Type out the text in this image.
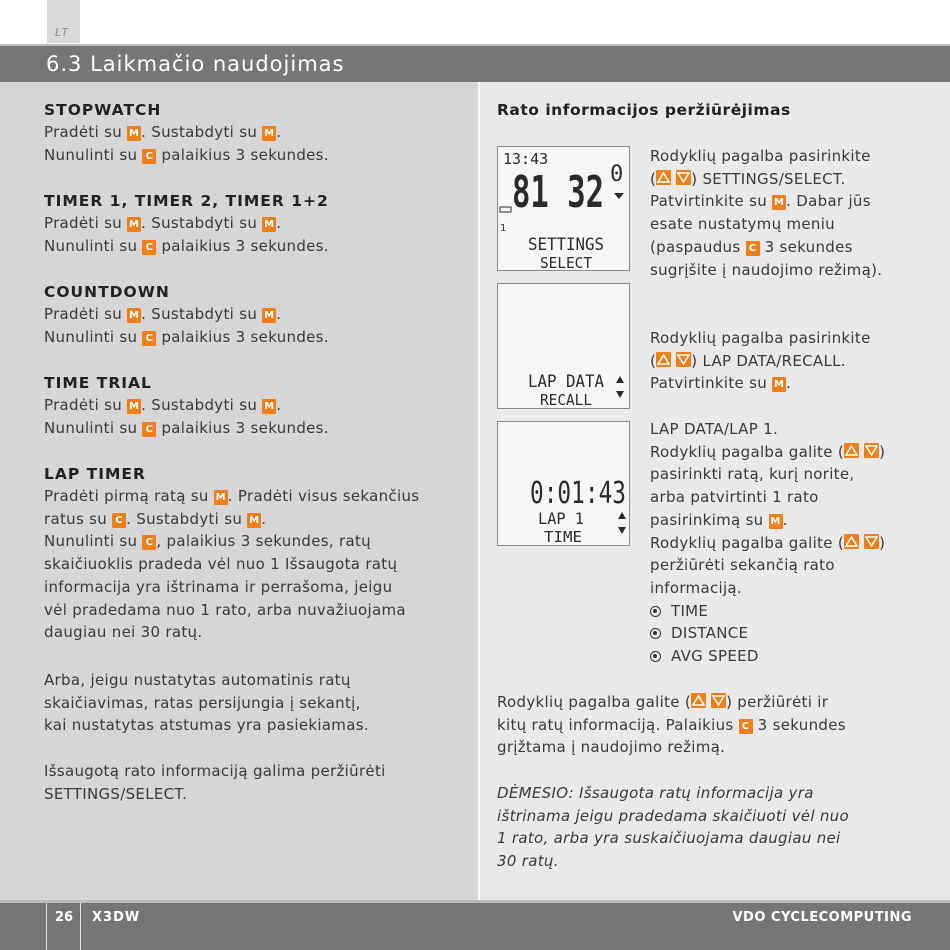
LT
6.3 Laikmačio naudojimas
STOPWATCH
Pradėti su M . Sustabdyti su M .
Nunulinti su C palaikius 3 sekundes.
TIMER 1, TIMER 2, TIMER 1+2
Pradėti su M . Sustabdyti su M .
Nunulinti su C palaikius 3 sekundes.
COUNTDOWN
Pradėti su M . Sustabdyti su M .
Nunulinti su C palaikius 3 sekundes.
TIME TRIAL
Pradėti su M . Sustabdyti su M .
Nunulinti su C palaikius 3 sekundes.
LAP TIMER
Pradėti pirmą ratą su M . Pradėti visus sekančius
ratus su C . Sustabdyti su M .
Nunulinti su C , palaikius 3 sekundes, ratų
skaičiuoklis pradeda vėl nuo 1 Išsaugota ratų
informacija yra ištrinama ir perrašoma, jeigu
vėl pradedama nuo 1 rato, arba nuvažiuojama
daugiau nei 30 ratų.
Arba, jeigu nustatytas automatinis ratų
skaičiavimas, ratas persijungia į sekantį,
kai nustatytas atstumas yra pasiekiamas.
Išsaugotą rato informaciją galima peržiūrėti
SETTINGS/SELECT.
Rato informacijos peržiūrėjimas
13:43
81 32 0
1
SETTINGS
SELECT
LAP DATA
RECALL
0:01:43
LAP 1
TIME
Rodyklių pagalba pasirinkite
(
) SETTINGS/SELECT.
Patvirtinkite su M . Dabar jūs
esate nustatymų meniu
(paspaudus C 3 sekundes
sugrįšite į naudojimo režimą).
Rodyklių pagalba pasirinkite
(
) LAP DATA/RECALL.
Patvirtinkite su M .
LAP DATA/LAP 1.
Rodyklių pagalba galite (
)
pasirinkti ratą, kurį norite,
arba patvirtinti 1 rato
pasirinkimą su M .
Rodyklių pagalba galite (
)
peržiūrėti sekančią rato
informaciją.
TIME
DISTANCE
AVG SPEED
Rodyklių pagalba galite (
) peržiūrėti ir
kitų ratų informaciją. Palaikius C 3 sekundes
grįžtama į naudojimo režimą.
DĖMESIO: Išsaugota ratų informacija yra
ištrinama jeigu pradedama skaičiuoti vėl nuo
1 rato, arba yra suskaičiuojama daugiau nei
30 ratų.
26 X3DW	VDO CYCLECOMPUTING
